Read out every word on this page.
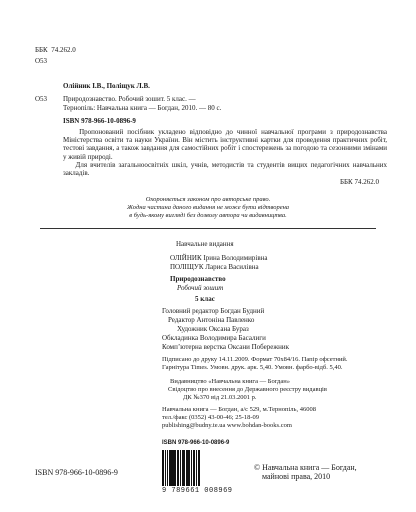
ББК 74.262.0
О53
Олійник І.В., Поліщук Л.В.
О53 Природознавство. Робочий зошит. 5 клас. —
Тернопіль: Навчальна книга — Богдан, 2010. — 80 с.
ISBN 978-966-10-0896-9
Пропонований посібник укладено відповідно до чинної навчальної програми з природознавства Міністерства освіти та науки України. Він містить інструктивні картки для проведення практичних робіт, тестові завдання, а також завдання для самостійних робіт і спостережень за погодою та сезонними змінами у живій природі.
Для вчителів загальноосвітніх шкіл, учнів, методистів та студентів вищих педагогічних навчальних закладів.
ББК 74.262.0
Охороняється законом про авторське право.
Жодна частина даного видання не може бути відтворена
в будь-якому вигляді без дозволу автора чи видавництва.
Навчальне видання
ОЛІЙНИК Ірина Володимирівна
ПОЛІЩУК Лариса Василівна
Природознавство
Робочий зошит
5 клас
Головний редактор Богдан Будний
Редактор Антоніна Павленко
Художник Оксана Бураз
Обкладинка Володимира Басалиги
Комп’ютерна верстка Оксани Побережник
Підписано до друку 14.11.2009. Формат 70x84/16. Папір офсетний.
Гарнітура Times. Умовн. друк. арк. 5,40. Умовн. фарбо-відб. 5,40.
Видавництво «Навчальна книга — Богдан»
Свідоцтво про внесення до Державного реєстру видавців
ДК №370 від 21.03.2001 р.
Навчальна книга — Богдан, а/с 529, м.Тернопіль, 46008
тел./факс (0352) 43-00-46; 25-18-09
publishing@budny.te.ua www.bohdan-books.com
ISBN 978-966-10-0896-9
9 789661 008969
ISBN 978-966-10-0896-9
© Навчальна книга — Богдан,
майнові права, 2010
